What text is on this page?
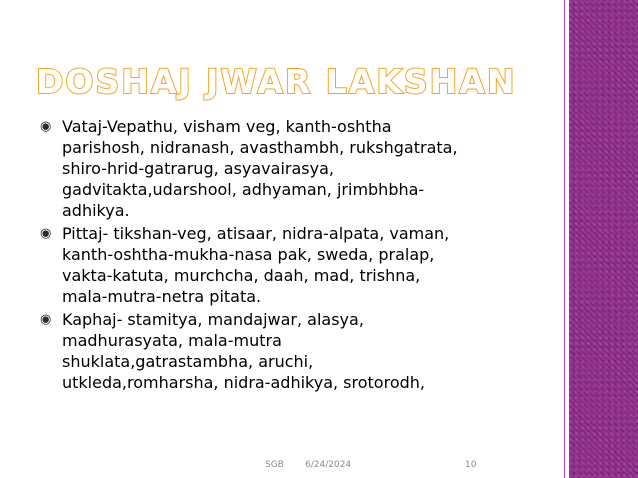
DOSHAJ JWAR LAKSHAN
◉ Vataj-Vepathu, visham veg, kanth-oshtha
parishosh, nidranash, avasthambh, rukshgatrata,
shiro-hrid-gatrarug, asyavairasya,
gadvitakta,udarshool, adhyaman, jrimbhbha-
adhikya.
◉ Pittaj- tikshan-veg, atisaar, nidra-alpata, vaman,
kanth-oshtha-mukha-nasa pak, sweda, pralap,
vakta-katuta, murchcha, daah, mad, trishna,
mala-mutra-netra pitata.
◉ Kaphaj- stamitya, mandajwar, alasya,
madhurasyata, mala-mutra
shuklata,gatrastambha, aruchi,
utkleda,romharsha, nidra-adhikya, srotorodh,
SGB 6/24/2024	10
